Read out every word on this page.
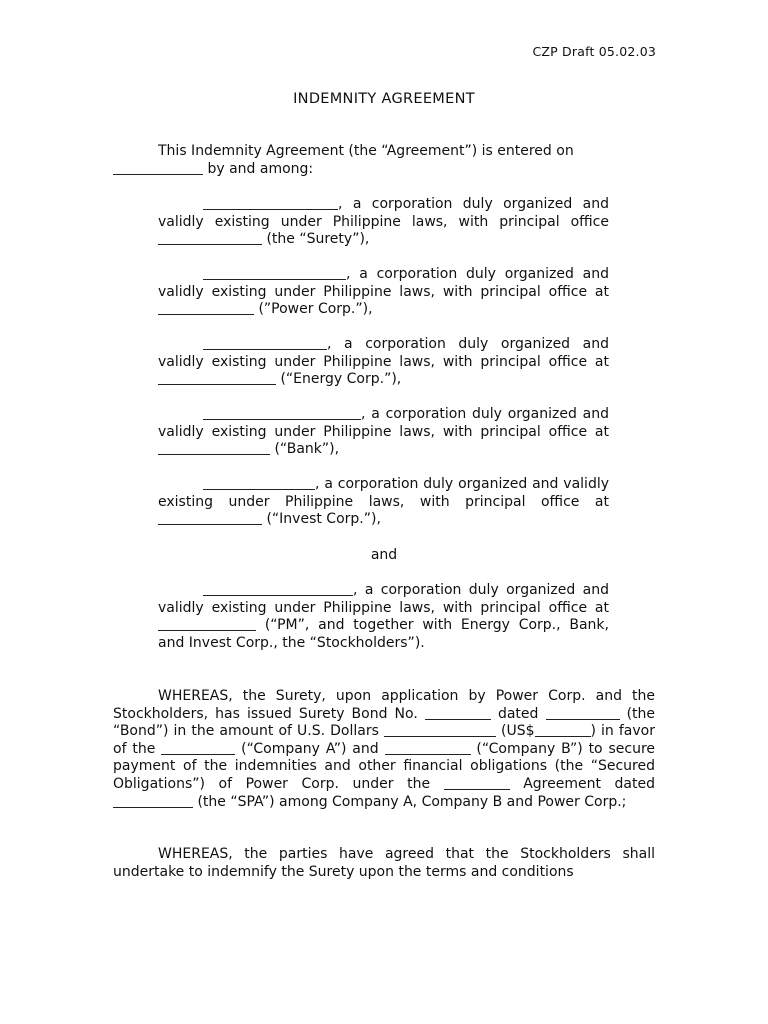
CZP Draft 05.02.03
INDEMNITY AGREEMENT
This Indemnity Agreement (the “Agreement”) is entered on
by and among:
, a corporation duly organized and validly existing under Philippine laws, with principal office  (the “Surety”),
, a corporation duly organized and validly existing under Philippine laws, with principal office at  (”Power Corp.”),
, a corporation duly organized and validly existing under Philippine laws, with principal office at  (“Energy Corp.”),
, a corporation duly organized and validly existing under Philippine laws, with principal office at  (“Bank”),
, a corporation duly organized and validly existing under Philippine laws, with principal office at  (“Invest Corp.”),
and
, a corporation duly organized and validly existing under Philippine laws, with principal office at  (“PM”, and together with Energy Corp., Bank, and Invest Corp., the “Stockholders”).
WHEREAS, the Surety, upon application by Power Corp. and the Stockholders, has issued Surety Bond No.	dated	(the “Bond”) in the amount of U.S. Dollars	(US$	) in favor of the	(“Company A”) and	(“Company B”) to secure payment of the indemnities and other financial obligations (the “Secured Obligations”) of Power Corp. under the	Agreement dated  (the “SPA”) among Company A, Company B and Power Corp.;
WHEREAS, the parties have agreed that the Stockholders shall undertake to indemnify the Surety upon the terms and conditions
